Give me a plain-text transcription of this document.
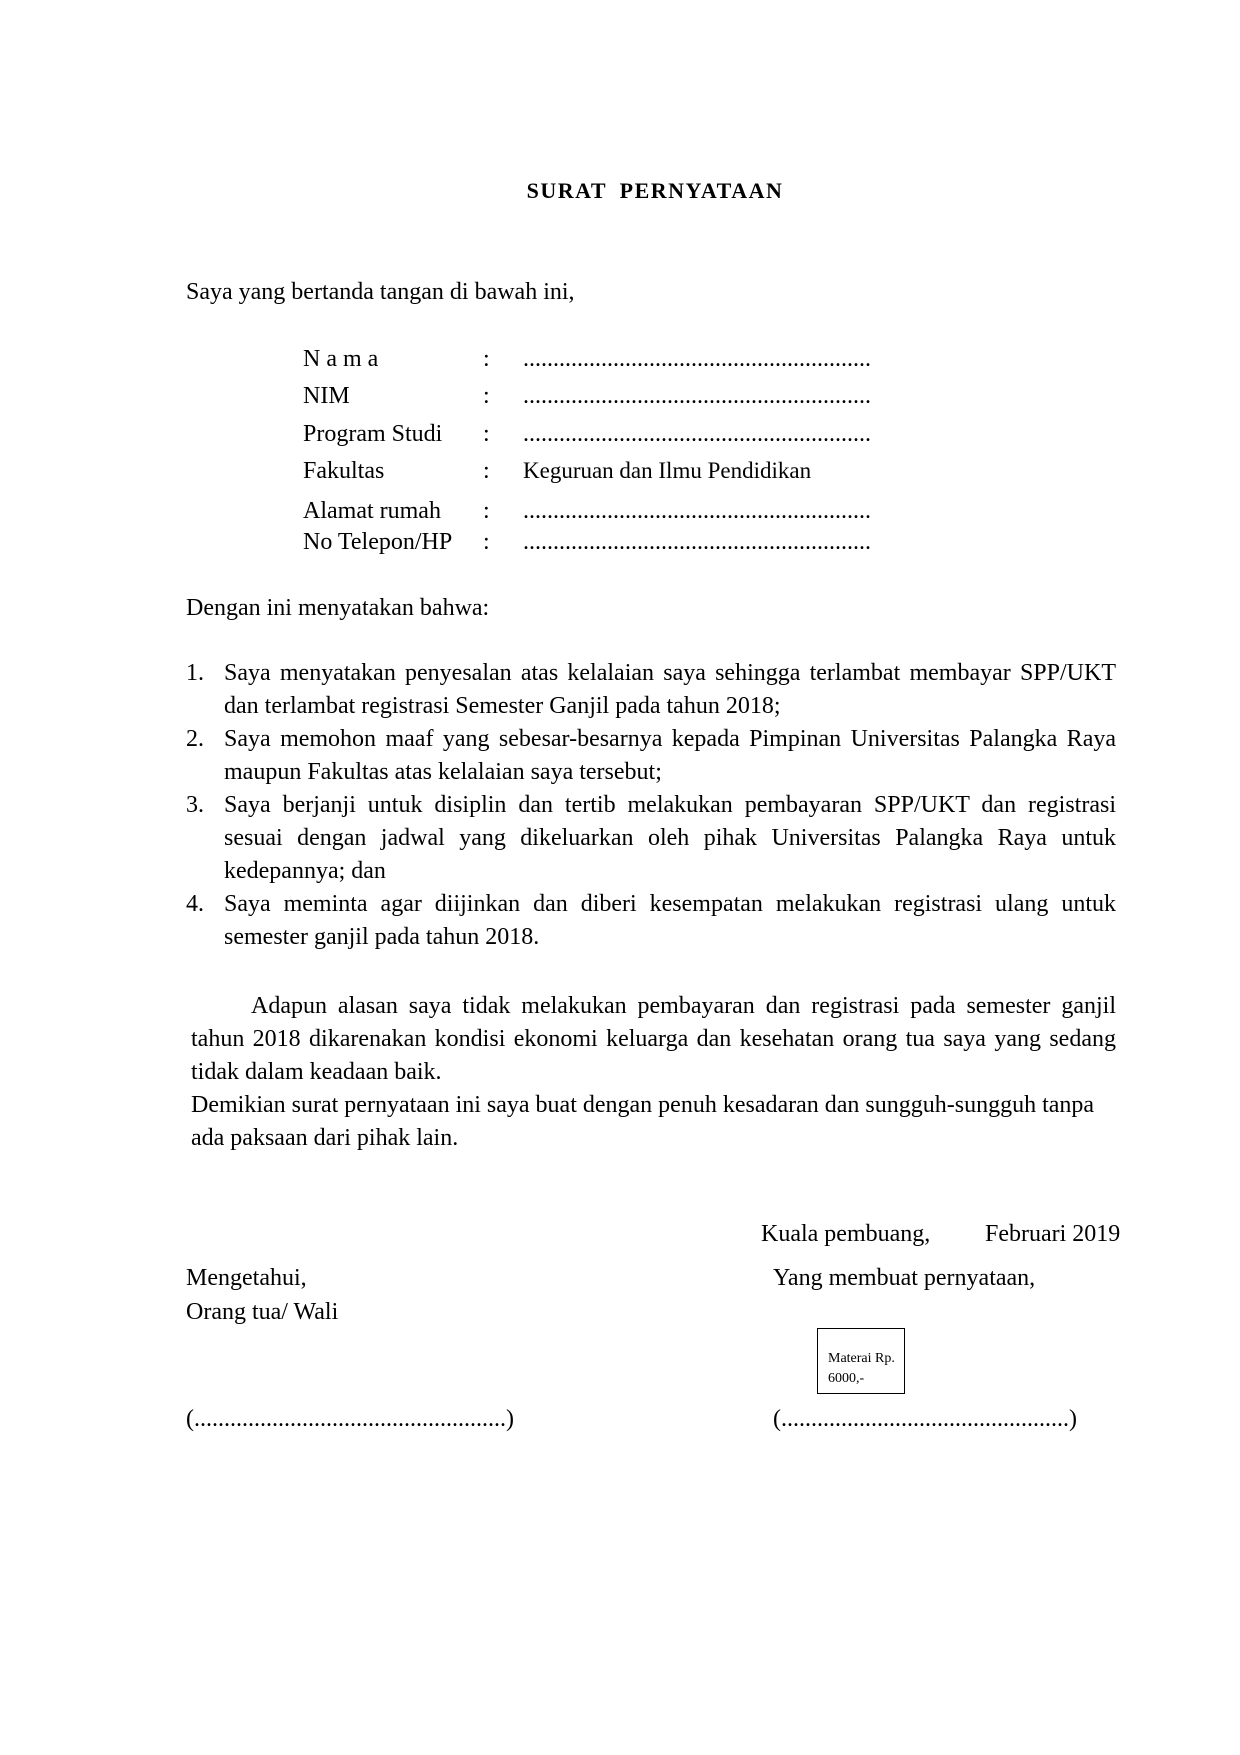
SURAT PERNYATAAN
Saya yang bertanda tangan di bawah ini,
N a m a	: ..........................................................
NIM	: ..........................................................
Program Studi : ..........................................................
Fakultas	: Keguruan dan Ilmu Pendidikan
Alamat rumah : ..........................................................
No Telepon/HP : ..........................................................
Dengan ini menyatakan bahwa:
1. Saya menyatakan penyesalan atas kelalaian saya sehingga terlambat membayar SPP/UKT dan terlambat registrasi Semester Ganjil pada tahun 2018;
2. Saya memohon maaf yang sebesar-besarnya kepada Pimpinan Universitas Palangka Raya maupun Fakultas atas kelalaian saya tersebut;
3. Saya berjanji untuk disiplin dan tertib melakukan pembayaran SPP/UKT dan registrasi sesuai dengan jadwal yang dikeluarkan oleh pihak Universitas Palangka Raya untuk kedepannya; dan
4. Saya meminta agar diijinkan dan diberi kesempatan melakukan registrasi ulang untuk semester ganjil pada tahun 2018.
Adapun alasan saya tidak melakukan pembayaran dan registrasi pada semester ganjil tahun 2018 dikarenakan kondisi ekonomi keluarga dan kesehatan orang tua saya yang sedang tidak dalam keadaan baik.
Demikian surat pernyataan ini saya buat dengan penuh kesadaran dan sungguh-sungguh tanpa ada paksaan dari pihak lain.
Kuala pembuang, Februari 2019
Mengetahui,	Yang membuat pernyataan,
Orang tua/ Wali
Materai Rp.
6000,-
(....................................................)	(................................................)
